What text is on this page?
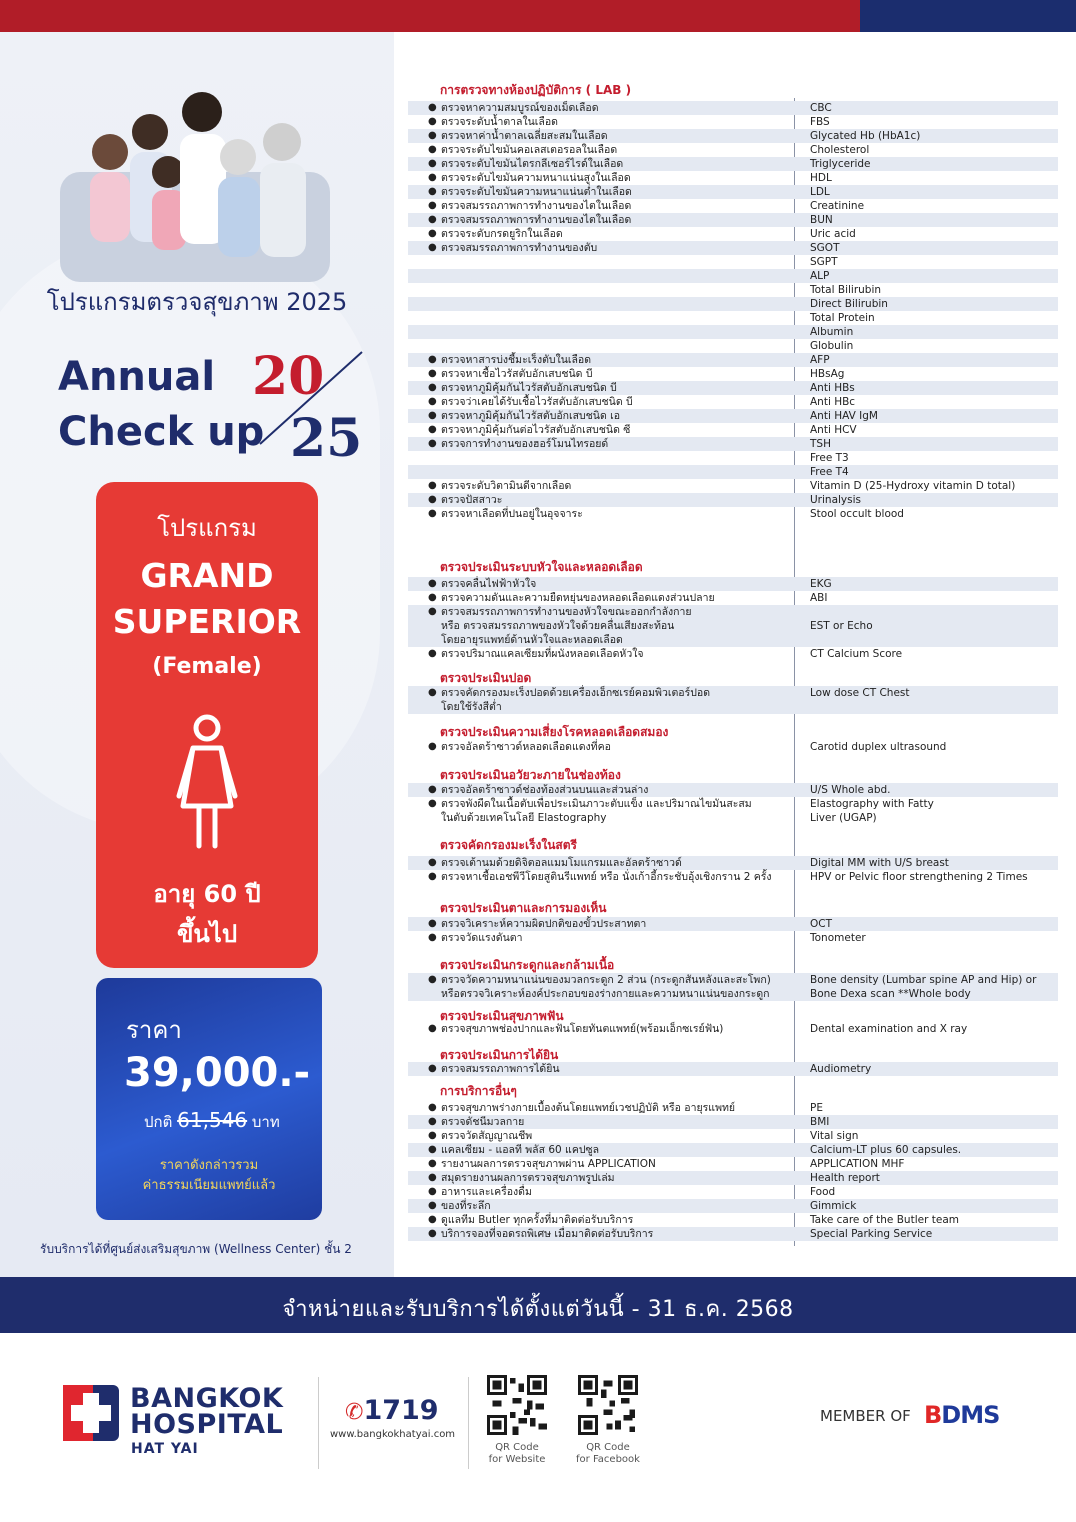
โปรแกรมตรวจสุขภาพ 2025
Annual
Check up
20
25
โปรแกรม
GRAND
SUPERIOR
(Female)
อายุ 60 ปี
ขึ้นไป
ราคา
39,000.-
ปกติ 61,546 บาท
ราคาดังกล่าวรวม
ค่าธรรมเนียมแพทย์แล้ว
รับบริการได้ที่ศูนย์ส่งเสริมสุขภาพ (Wellness Center) ชั้น 2
การตรวจทางห้องปฏิบัติการ ( LAB )
ตรวจประเมินระบบหัวใจและหลอดเลือด
ตรวจประเมินปอด
ตรวจประเมินความเสี่ยงโรคหลอดเลือดสมอง
ตรวจประเมินอวัยวะภายในช่องท้อง
ตรวจคัดกรองมะเร็งในสตรี
ตรวจประเมินตาและการมองเห็น
ตรวจประเมินกระดูกและกล้ามเนื้อ
ตรวจประเมินสุขภาพฟัน
ตรวจประเมินการได้ยิน
การบริการอื่นๆ
● ตรวจหาความสมบูรณ์ของเม็ดเลือด	CBC
● ตรวจระดับน้ำตาลในเลือด	FBS
● ตรวจหาค่าน้ำตาลเฉลี่ยสะสมในเลือด	Glycated Hb (HbA1c)
● ตรวจระดับไขมันคอเลสเตอรอลในเลือด	Cholesterol
● ตรวจระดับไขมันไตรกลีเซอร์ไรด์ในเลือด	Triglyceride
● ตรวจระดับไขมันความหนาแน่นสูงในเลือด	HDL
● ตรวจระดับไขมันความหนาแน่นต่ำในเลือด	LDL
● ตรวจสมรรถภาพการทำงานของไตในเลือด	Creatinine
● ตรวจสมรรถภาพการทำงานของไตในเลือด	BUN
● ตรวจระดับกรดยูริกในเลือด	Uric acid
● ตรวจสมรรถภาพการทำงานของตับ	SGOT
SGPT
ALP
Total Bilirubin
Direct Bilirubin
Total Protein
Albumin
Globulin
● ตรวจหาสารบ่งชี้มะเร็งตับในเลือด	AFP
● ตรวจหาเชื้อไวรัสตับอักเสบชนิด บี	HBsAg
● ตรวจหาภูมิคุ้มกันไวรัสตับอักเสบชนิด บี	Anti HBs
● ตรวจว่าเคยได้รับเชื้อไวรัสตับอักเสบชนิด บี	Anti HBc
● ตรวจหาภูมิคุ้มกันไวรัสตับอักเสบชนิด เอ	Anti HAV IgM
● ตรวจหาภูมิคุ้มกันต่อไวรัสตับอักเสบชนิด ซี	Anti HCV
● ตรวจการทำงานของฮอร์โมนไทรอยด์	TSH
Free T3
Free T4
● ตรวจระดับวิตามินดีจากเลือด	Vitamin D (25-Hydroxy vitamin D total)
● ตรวจปัสสาวะ	Urinalysis
● ตรวจหาเลือดที่ปนอยู่ในอุจจาระ	Stool occult blood
● ตรวจคลื่นไฟฟ้าหัวใจ	EKG
● ตรวจความดันและความยืดหยุ่นของหลอดเลือดแดงส่วนปลาย	ABI
● ตรวจสมรรถภาพการทำงานของหัวใจขณะออกกำลังกาย
หรือ ตรวจสมรรถภาพของหัวใจด้วยคลื่นเสียงสะท้อน
โดยอายุรแพทย์ด้านหัวใจและหลอดเลือด
EST or Echo
● ตรวจปริมาณแคลเซียมที่ผนังหลอดเลือดหัวใจ	CT Calcium Score
● ตรวจคัดกรองมะเร็งปอดด้วยเครื่องเอ็กซเรย์คอมพิวเตอร์ปอด
โดยใช้รังสีต่ำ
Low dose CT Chest
● ตรวจอัลตร้าซาวด์หลอดเลือดแดงที่คอ	Carotid duplex ultrasound
● ตรวจอัลตร้าซาวด์ช่องท้องส่วนบนและส่วนล่าง	U/S Whole abd.
● ตรวจพังผืดในเนื้อตับเพื่อประเมินภาวะตับแข็ง และปริมาณไขมันสะสม
ในตับด้วยเทคโนโลยี Elastography
Elastography with Fatty
Liver (UGAP)
● ตรวจเต้านมด้วยดิจิตอลแมมโมแกรมและอัลตร้าซาวด์	Digital MM with U/S breast
● ตรวจหาเชื้อเอชพีวีโดยสูตินรีแพทย์ หรือ นั่งเก้าอี้กระชับอุ้งเชิงกราน 2 ครั้ง	HPV or Pelvic floor strengthening 2 Times
● ตรวจวิเคราะห์ความผิดปกติของขั้วประสาทตา	OCT
● ตรวจวัดแรงดันตา	Tonometer
● ตรวจวัดความหนาแน่นของมวลกระดูก 2 ส่วน (กระดูกสันหลังและสะโพก)
หรือตรวจวิเคราะห์องค์ประกอบของร่างกายและความหนาแน่นของกระดูก
Bone density (Lumbar spine AP and Hip) or
Bone Dexa scan **Whole body
● ตรวจสุขภาพช่องปากและฟันโดยทันตแพทย์(พร้อมเอ็กซเรย์ฟัน)	Dental examination and X ray
● ตรวจสมรรถภาพการได้ยิน	Audiometry
● ตรวจสุขภาพร่างกายเบื้องต้นโดยแพทย์เวชปฏิบัติ หรือ อายุรแพทย์	PE
● ตรวจดัชนีมวลกาย	BMI
● ตรวจวัดสัญญาณชีพ	Vital sign
● แคลเซียม - แอลที พลัส 60 แคปซูล	Calcium-LT plus 60 capsules.
● รายงานผลการตรวจสุขภาพผ่าน APPLICATION	APPLICATION MHF
● สมุดรายงานผลการตรวจสุขภาพรูปเล่ม	Health report
● อาหารและเครื่องดื่ม	Food
● ของที่ระลึก	Gimmick
● ดูแลทีม Butler ทุกครั้งที่มาติดต่อรับบริการ	Take care of the Butler team
● บริการจองที่จอดรถพิเศษ เมื่อมาติดต่อรับบริการ	Special Parking Service
จำหน่ายและรับบริการได้ตั้งแต่วันนี้ - 31 ธ.ค. 2568
BANGKOK
HOSPITAL
HAT YAI
✆1719
www.bangkokhatyai.com
QR Code
for Website
QR Code
for Facebook
MEMBER OF BDMS
